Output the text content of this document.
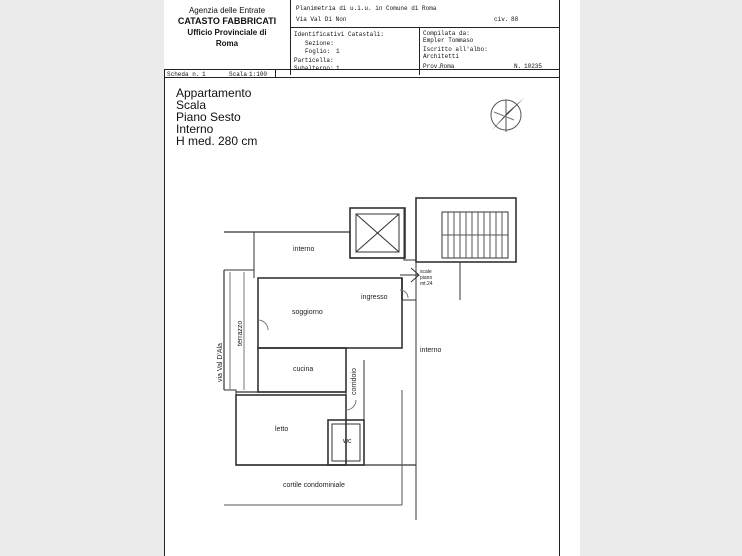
Agenzia delle Entrate
CATASTO FABBRICATI
Ufficio Provinciale di
Roma
Planimetria di u.i.u. in Comune di Roma
Via Val Di Non	civ. 88
Identificativi Catastali:
Sezione:
Foglio: 1
Particella:
Subalterno: 1
Compilata da:
Empler Tommaso
Iscritto all'albo:
Architetti
Prov.
Roma	N. 10235
Scheda n. 1	Scala 1:100
Appartamento
Scala
Piano Sesto
Interno
H med. 280 cm
interno
ingresso
soggiorno
cucina
interno
letto
wc
cortile condominiale
terrazzo
via Val D'Ala	corridoio
scale
piano
mt.24
